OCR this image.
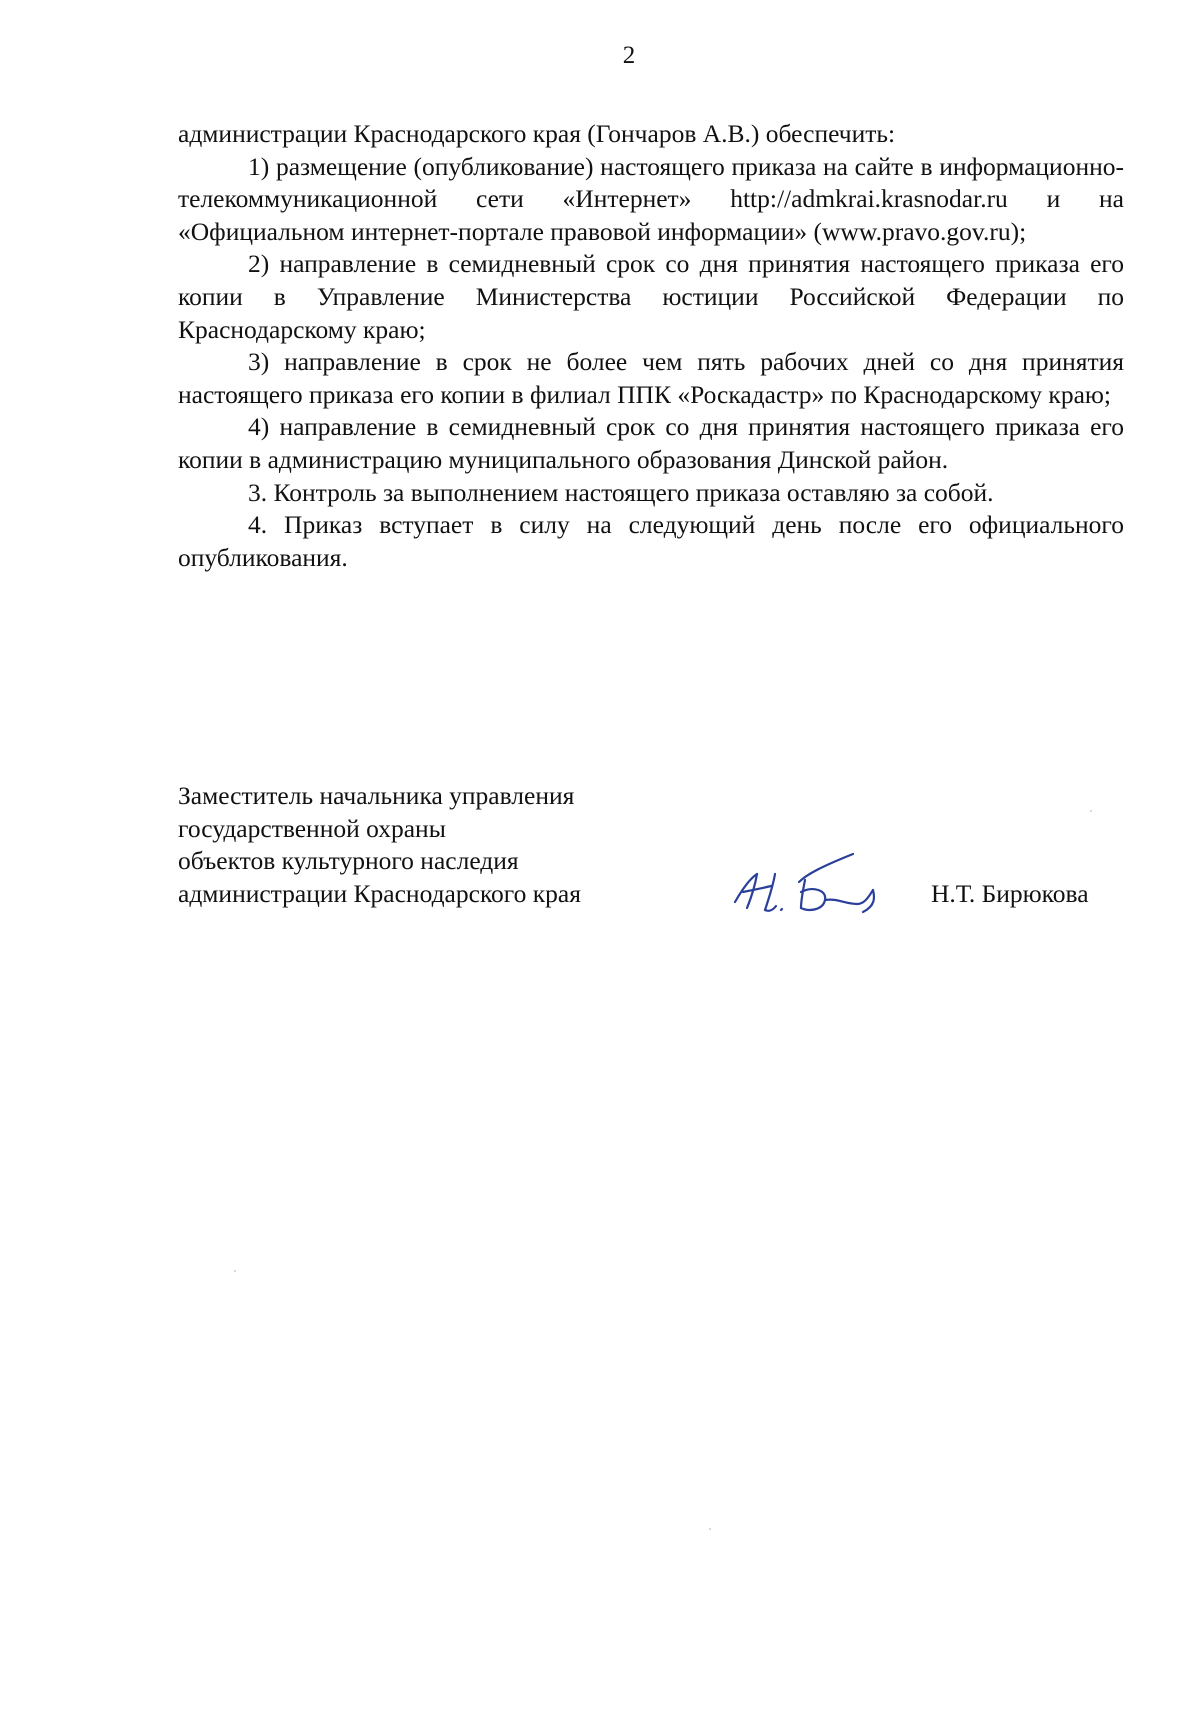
2

администрации Краснодарского края (Гончаров А.В.) обеспечить:

1) размещение (опубликование) настоящего приказа на сайте в информационно-телекоммуникационной сети «Интернет» http://admkrai.krasnodar.ru и на «Официальном интернет-портале правовой информации» (www.pravo.gov.ru);

2) направление в семидневный срок со дня принятия настоящего приказа его копии в Управление Министерства юстиции Российской Федерации по Краснодарскому краю;

3) направление в срок не более чем пять рабочих дней со дня принятия настоящего приказа его копии в филиал ППК «Роскадастр» по Краснодарскому краю;

4) направление в семидневный срок со дня принятия настоящего приказа его копии в администрацию муниципального образования Динской район.

3. Контроль за выполнением настоящего приказа оставляю за собой.

4. Приказ вступает в силу на следующий день после его официального опубликования.

Заместитель начальника управления
государственной охраны
объектов культурного наследия
администрации Краснодарского края	Н.Т. Бирюкова
